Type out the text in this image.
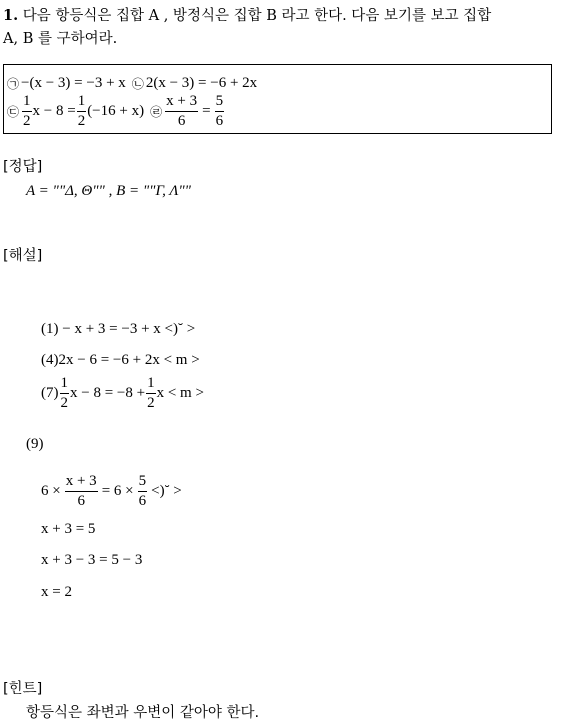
1. 다음 항등식은 집합 A , 방정식은 집합 B 라고 한다. 다음 보기를 보고 집합
A, B 를 구하여라.
㉠ −(x − 3) = −3 + x ㉡ 2(x − 3) = −6 + 2x
㉢ $\frac{1}{2}$ $x - 8 = \frac{1}{2} (-16 + x)$ ㉣ $\frac{x + 3}{6} = \frac{5}{6}$
[정답]
A = ""Δ, Θ"" , B = ""Γ, Λ""
[해설]
(1) − x + 3 = −3 + x <)˘ >
(4)2x − 6 = −6 + 2x < m >
$(7) \frac{1}{2}$ $x - 8 = -8 + \frac{1}{2}$ x < m >
(9)
$6 \times \frac{x + 3}{6} = 6 \times \frac{5}{6}$ <)˘ >
x + 3 = 5
x + 3 − 3 = 5 − 3
x = 2
[힌트]
항등식은 좌변과 우변이 같아야 한다.
